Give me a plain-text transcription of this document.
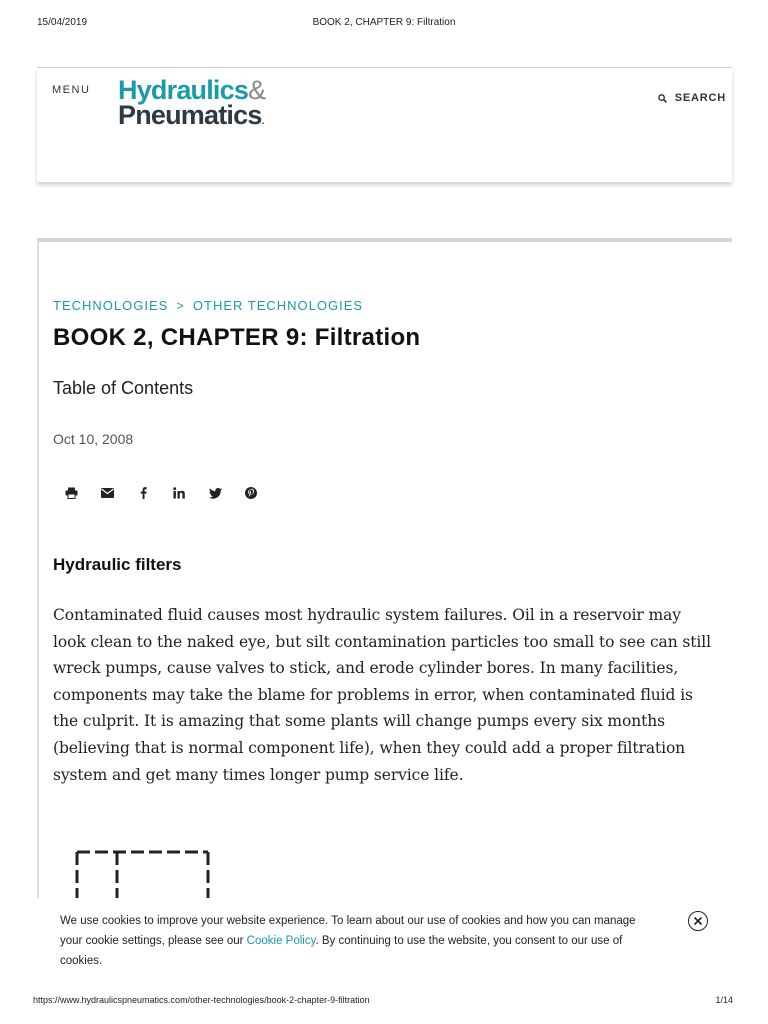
15/04/2019	BOOK 2, CHAPTER 9: Filtration
MENU Hydraulics&
Pneumatics.
SEARCH
TECHNOLOGIES > OTHER TECHNOLOGIES
BOOK 2, CHAPTER 9: Filtration
Table of Contents
Oct 10, 2008
Hydraulic filters

Contaminated fluid causes most hydraulic system failures. Oil in a reservoir may look clean to the naked eye, but silt contamination particles too small to see can still wreck pumps, cause valves to stick, and erode cylinder bores. In many facilities, components may take the blame for problems in error, when contaminated fluid is the culprit. It is amazing that some plants will change pumps every six months (believing that is normal component life), when they could add a proper filtration system and get many times longer pump service life.

We use cookies to improve your website experience. To learn about our use of cookies and how you can manage your cookie settings, please see our Cookie Policy. By continuing to use the website, you consent to our use of cookies.

https://www.hydraulicspneumatics.com/other-technologies/book-2-chapter-9-filtration	1/14
